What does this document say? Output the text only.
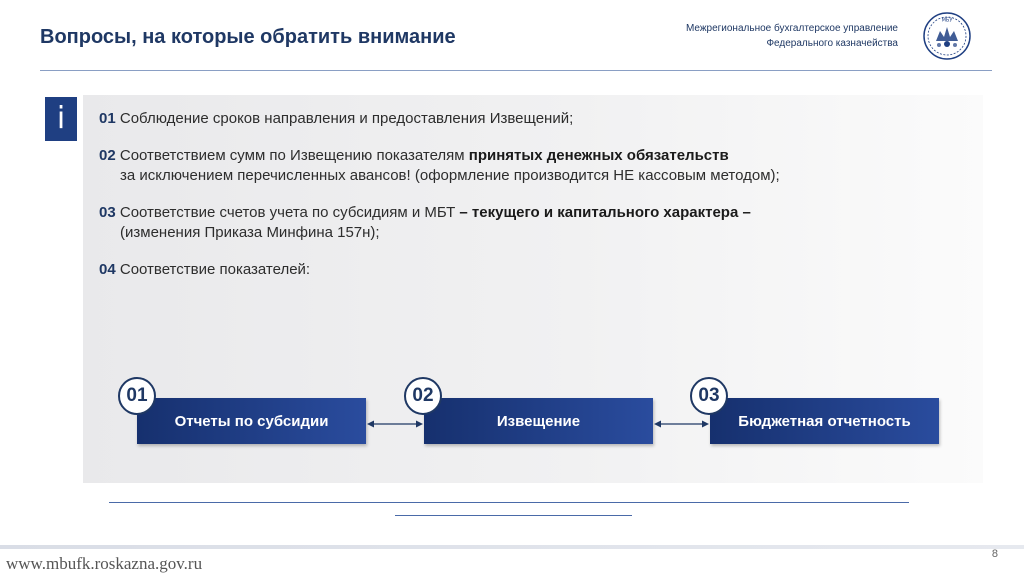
Вопросы, на которые обратить внимание	Межрегиональное бухгалтерское управление
Федерального казначейства
МБУ
i	01 Соблюдение сроков направления и предоставления Извещений;
02 Соответствием сумм по Извещению показателям принятых денежных обязательств
за исключением перечисленных авансов! (оформление производится НЕ кассовым методом);
03 Соответствие счетов учета по субсидиям и МБТ – текущего и капитального характера –
(изменения Приказа Минфина 157н);
04 Соответствие показателей:
Отчеты по субсидии	Извещение	Бюджетная отчетность
01	02	03
www.mbufk.roskazna.gov.ru	8
